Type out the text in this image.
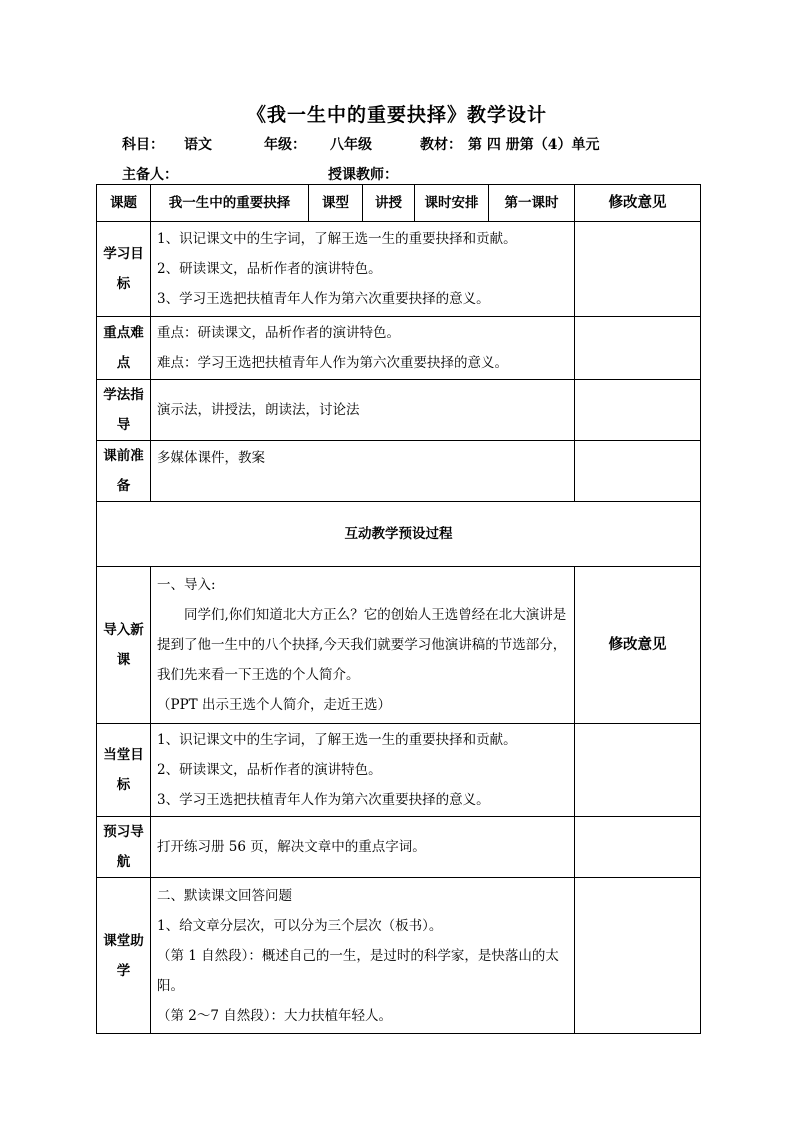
《我一生中的重要抉择》教学设计
科目： 语文	年级： 八年级	教材： 第 四 册第（4）单元
主备人：	授课教师：
课题	我一生中的重要抉择	课型	讲授	课时安排	第一课时	修改意见
学习目标	1、识记课文中的生字词，了解王选一生的重要抉择和贡献。
2、研读课文，品析作者的演讲特色。
3、学习王选把扶植青年人作为第六次重要抉择的意义。					

重点难点	重点：研读课文，品析作者的演讲特色。
难点：学习王选把扶植青年人作为第六次重要抉择的意义。					

学法指导	演示法，讲授法，朗读法，讨论法					
课前准备	多媒体课件，教案					
互动教学预设过程						
导入新课	一、导入:
同学们,你们知道北大方正么？它的创始人王选曾经在北大演讲是提到了他一生中的八个抉择,今天我们就要学习他演讲稿的节选部分，我们先来看一下王选的个人简介。
（PPT 出示王选个人简介，走近王选）					修改意见
当堂目标	1、识记课文中的生字词，了解王选一生的重要抉择和贡献。
2、研读课文，品析作者的演讲特色。
3、学习王选把扶植青年人作为第六次重要抉择的意义。					

预习导航	打开练习册 56 页，解决文章中的重点字词。					
课堂助学	二、默读课文回答问题
1、给文章分层次，可以分为三个层次（板书）。
（第 1 自然段）：概述自己的一生，是过时的科学家，是快落山的太阳。
（第 2～7 自然段）：大力扶植年轻人。					
